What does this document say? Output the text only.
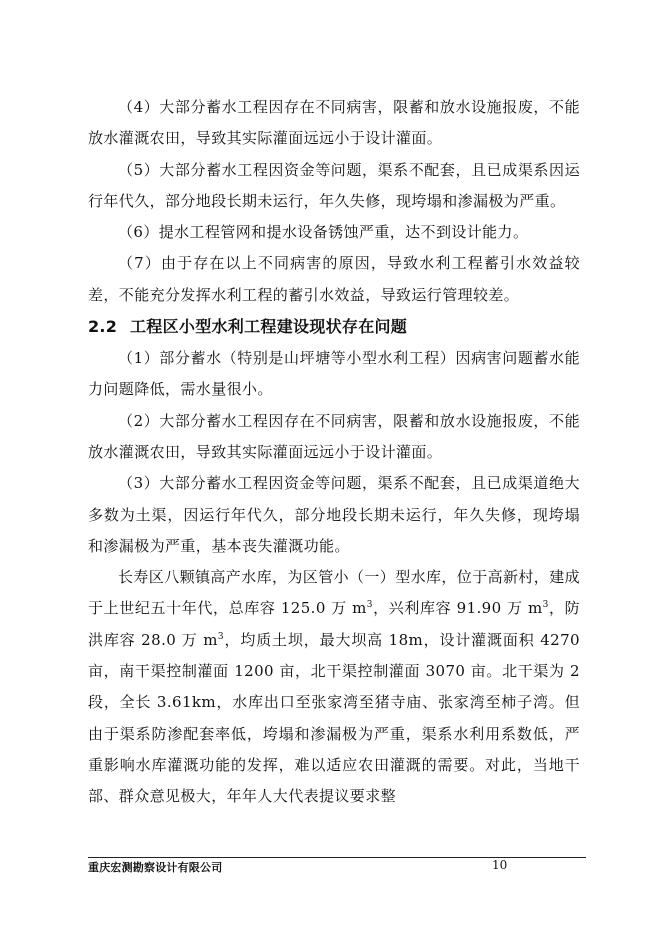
（4）大部分蓄水工程因存在不同病害，限蓄和放水设施报废，不能放水灌溉农田，导致其实际灌面远远小于设计灌面。

（5）大部分蓄水工程因资金等问题，渠系不配套，且已成渠系因运行年代久，部分地段长期未运行，年久失修，现垮塌和渗漏极为严重。

（6）提水工程管网和提水设备锈蚀严重，达不到设计能力。

（7）由于存在以上不同病害的原因，导致水利工程蓄引水效益较差，不能充分发挥水利工程的蓄引水效益，导致运行管理较差。

2.2 工程区小型水利工程建设现状存在问题

（1）部分蓄水（特别是山坪塘等小型水利工程）因病害问题蓄水能力问题降低，需水量很小。

（2）大部分蓄水工程因存在不同病害，限蓄和放水设施报废，不能放水灌溉农田，导致其实际灌面远远小于设计灌面。

（3）大部分蓄水工程因资金等问题，渠系不配套，且已成渠道绝大多数为土渠，因运行年代久，部分地段长期未运行，年久失修，现垮塌和渗漏极为严重，基本丧失灌溉功能。

长寿区八颗镇高产水库，为区管小（一）型水库，位于高新村，建成于上世纪五十年代，总库容 125.0 万 $m^3$，兴利库容 91.90 万 $m^3$，防洪库容 28.0 万 $m^3$，均质土坝，最大坝高 18m，设计灌溉面积 4270 亩，南干渠控制灌面 1200 亩，北干渠控制灌面 3070 亩。北干渠为 2 段，全长 3.61km，水库出口至张家湾至猪寺庙、张家湾至柿子湾。但由于渠系防渗配套率低，垮塌和渗漏极为严重，渠系水利用系数低，严重影响水库灌溉功能的发挥，难以适应农田灌溉的需要。对此，当地干部、群众意见极大，年年人大代表提议要求整

重庆宏测勘察设计有限公司	10
